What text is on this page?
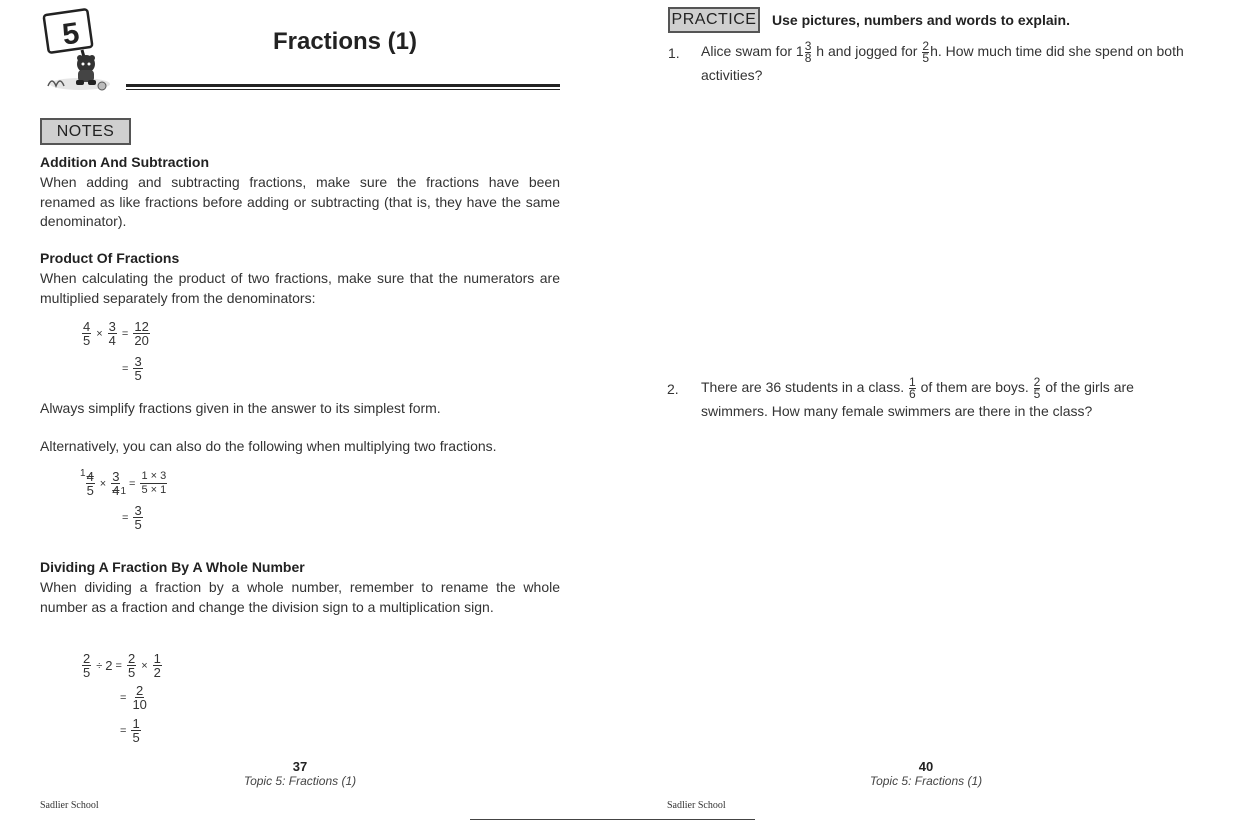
5	Fractions (1)
NOTES
Addition And Subtraction
When adding and subtracting fractions, make sure the fractions have been renamed as like fractions before adding or subtracting (that is, they have the same denominator).
Product Of Fractions
When calculating the product of two fractions, make sure that the numerators are multiplied separately from the denominators:
$\frac{4}{5} \times \frac{3}{4} = \frac{12}{20}$
= $\frac{3}{5}$
Always simplify fractions given in the answer to its simplest form.
Alternatively, you can also do the following when multiplying two fractions.
$1 \frac{4}{5} \times \frac{3}{4} 1$
= $\frac{1 \times 3}{5 \times 1}$
= $\frac{3}{5}$
Dividing A Fraction By A Whole Number
When dividing a fraction by a whole number, remember to rename the whole number as a fraction and change the division sign to a multiplication sign.
$\frac{2}{5} \div 2 = \frac{2}{5} \times \frac{1}{2}$
= $\frac{2}{10}$
= $\frac{1}{5}$
37
Topic 5: Fractions (1)
Sadlier School
PRACTICE Use pictures, numbers and words to explain.
1. Alice swam for $1 \frac{3}{8}$ h and jogged for $\frac{2}{5} h$. How much time did she spend on both activities?
2. There are 36 students in a class. $\frac{1}{6}$ of them are boys. $\frac{2}{5}$ of the girls are swimmers. How many female swimmers are there in the class?
40
Topic 5: Fractions (1)
Sadlier School
